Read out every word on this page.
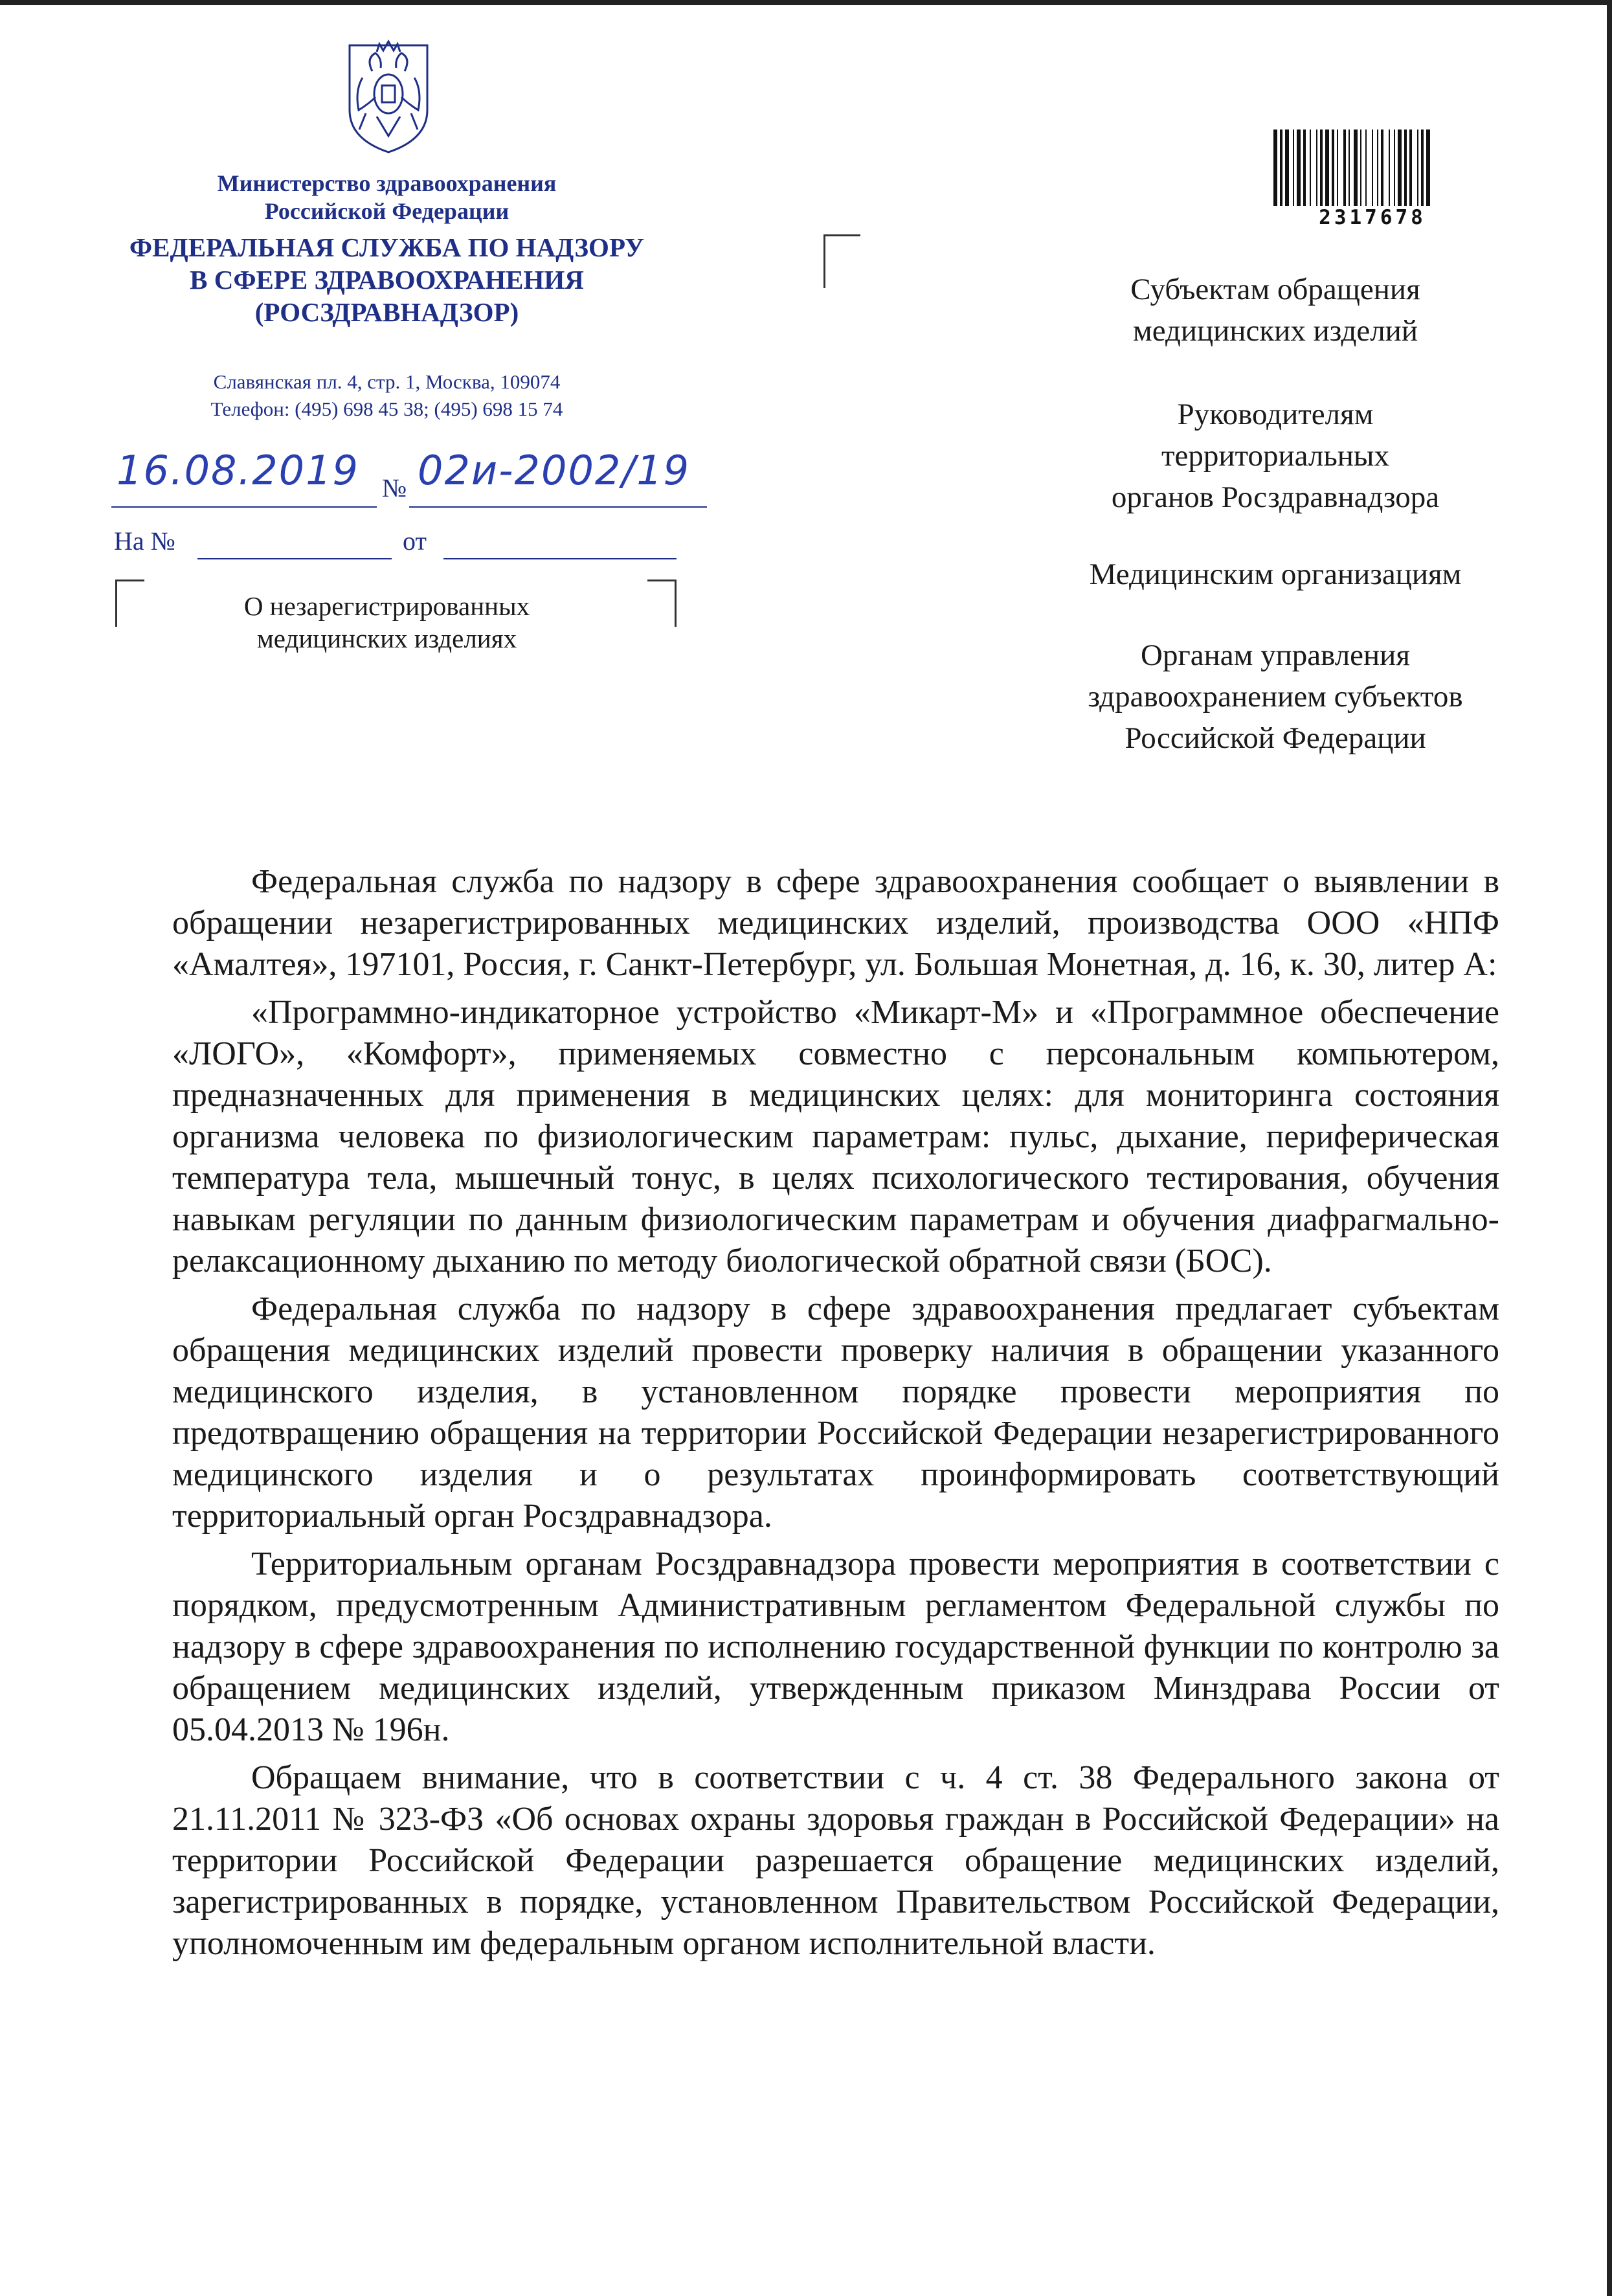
Министерство здравоохранения
Российской Федерации
ФЕДЕРАЛЬНАЯ СЛУЖБА ПО НАДЗОРУ
В СФЕРЕ ЗДРАВООХРАНЕНИЯ
(РОСЗДРАВНАДЗОР)
Славянская пл. 4, стр. 1, Москва, 109074
Телефон: (495) 698 45 38; (495) 698 15 74
16.08.2019 № 02и-2002/19
На №	от
О незарегистрированных
медицинских изделиях
2317678
Субъектам обращения
медицинских изделий
Руководителям
территориальных
органов Росздравнадзора
Медицинским организациям
Органам управления
здравоохранением субъектов
Российской Федерации

Федеральная служба по надзору в сфере здравоохранения сообщает о выявлении в обращении незарегистрированных медицинских изделий, производства ООО «НПФ «Амалтея», 197101, Россия, г. Санкт-Петербург, ул. Большая Монетная, д. 16, к. 30, литер А:

«Программно-индикаторное устройство «Микарт-М» и «Программное обеспечение «ЛОГО», «Комфорт», применяемых совместно с персональным компьютером, предназначенных для применения в медицинских целях: для мониторинга состояния организма человека по физиологическим параметрам: пульс, дыхание, периферическая температура тела, мышечный тонус, в целях психологического тестирования, обучения навыкам регуляции по данным физиологическим параметрам и обучения диафрагмально-релаксационному дыханию по методу биологической обратной связи (БОС).

Федеральная служба по надзору в сфере здравоохранения предлагает субъектам обращения медицинских изделий провести проверку наличия в обращении указанного медицинского изделия, в установленном порядке провести мероприятия по предотвращению обращения на территории Российской Федерации незарегистрированного медицинского изделия и о результатах проинформировать соответствующий территориальный орган Росздравнадзора.

Территориальным органам Росздравнадзора провести мероприятия в соответствии с порядком, предусмотренным Административным регламентом Федеральной службы по надзору в сфере здравоохранения по исполнению государственной функции по контролю за обращением медицинских изделий, утвержденным приказом Минздрава России от 05.04.2013 № 196н.

Обращаем внимание, что в соответствии с ч. 4 ст. 38 Федерального закона от 21.11.2011 № 323-ФЗ «Об основах охраны здоровья граждан в Российской Федерации» на территории Российской Федерации разрешается обращение медицинских изделий, зарегистрированных в порядке, установленном Правительством Российской Федерации, уполномоченным им федеральным органом исполнительной власти.
